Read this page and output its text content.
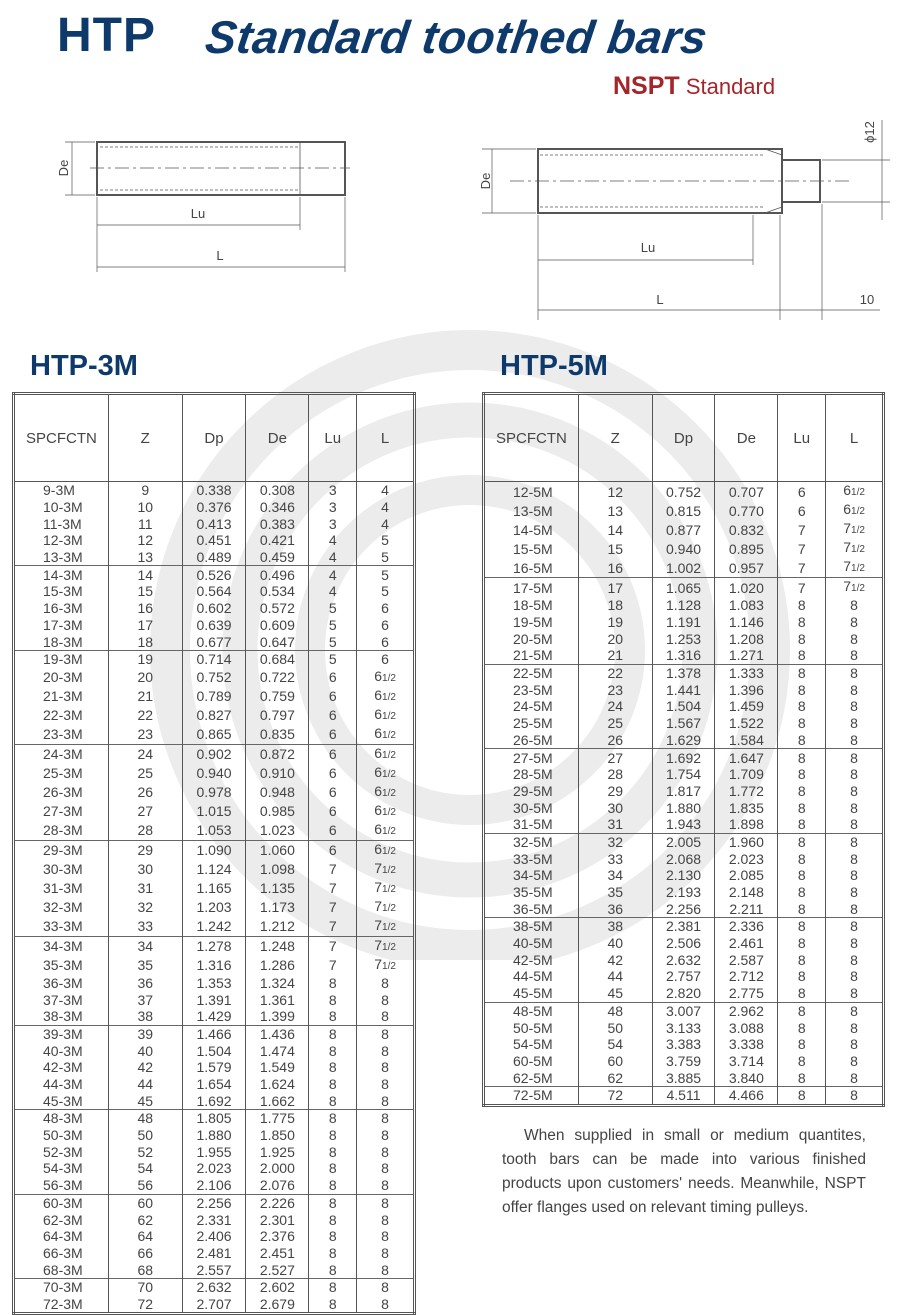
HTP Standard toothed bars
NSPT Standard
De
Lu
L
De
Lu
L
ϕ12
10
HTP-3M	HTP-5M
SPCFCTN	Z	Dp	De	Lu	L
9-3M	9	0.338	0.308	3	4
10-3M	10	0.376	0.346	3	4
11-3M	11	0.413	0.383	3	4
12-3M	12	0.451	0.421	4	5
13-3M	13	0.489	0.459	4	5
14-3M	14	0.526	0.496	4	5
15-3M	15	0.564	0.534	4	5
16-3M	16	0.602	0.572	5	6
17-3M	17	0.639	0.609	5	6
18-3M	18	0.677	0.647	5	6
19-3M	19	0.714	0.684	5	6
20-3M	20	0.752	0.722	6	61/2
21-3M	21	0.789	0.759	6	61/2
22-3M	22	0.827	0.797	6	61/2
23-3M	23	0.865	0.835	6	61/2
24-3M	24	0.902	0.872	6	61/2
25-3M	25	0.940	0.910	6	61/2
26-3M	26	0.978	0.948	6	61/2
27-3M	27	1.015	0.985	6	61/2
28-3M	28	1.053	1.023	6	61/2
29-3M	29	1.090	1.060	6	61/2
30-3M	30	1.124	1.098	7	71/2
31-3M	31	1.165	1.135	7	71/2
32-3M	32	1.203	1.173	7	71/2
33-3M	33	1.242	1.212	7	71/2
34-3M	34	1.278	1.248	7	71/2
35-3M	35	1.316	1.286	7	71/2
36-3M	36	1.353	1.324	8	8
37-3M	37	1.391	1.361	8	8
38-3M	38	1.429	1.399	8	8
39-3M	39	1.466	1.436	8	8
40-3M	40	1.504	1.474	8	8
42-3M	42	1.579	1.549	8	8
44-3M	44	1.654	1.624	8	8
45-3M	45	1.692	1.662	8	8
48-3M	48	1.805	1.775	8	8
50-3M	50	1.880	1.850	8	8
52-3M	52	1.955	1.925	8	8
54-3M	54	2.023	2.000	8	8
56-3M	56	2.106	2.076	8	8
60-3M	60	2.256	2.226	8	8
62-3M	62	2.331	2.301	8	8
64-3M	64	2.406	2.376	8	8
66-3M	66	2.481	2.451	8	8
68-3M	68	2.557	2.527	8	8
70-3M	70	2.632	2.602	8	8
72-3M	72	2.707	2.679	8	8
SPCFCTN	Z	Dp	De	Lu	L
12-5M	12	0.752	0.707	6	61/2
13-5M	13	0.815	0.770	6	61/2
14-5M	14	0.877	0.832	7	71/2
15-5M	15	0.940	0.895	7	71/2
16-5M	16	1.002	0.957	7	71/2
17-5M	17	1.065	1.020	7	71/2
18-5M	18	1.128	1.083	8	8
19-5M	19	1.191	1.146	8	8
20-5M	20	1.253	1.208	8	8
21-5M	21	1.316	1.271	8	8
22-5M	22	1.378	1.333	8	8
23-5M	23	1.441	1.396	8	8
24-5M	24	1.504	1.459	8	8
25-5M	25	1.567	1.522	8	8
26-5M	26	1.629	1.584	8	8
27-5M	27	1.692	1.647	8	8
28-5M	28	1.754	1.709	8	8
29-5M	29	1.817	1.772	8	8
30-5M	30	1.880	1.835	8	8
31-5M	31	1.943	1.898	8	8
32-5M	32	2.005	1.960	8	8
33-5M	33	2.068	2.023	8	8
34-5M	34	2.130	2.085	8	8
35-5M	35	2.193	2.148	8	8
36-5M	36	2.256	2.211	8	8
38-5M	38	2.381	2.336	8	8
40-5M	40	2.506	2.461	8	8
42-5M	42	2.632	2.587	8	8
44-5M	44	2.757	2.712	8	8
45-5M	45	2.820	2.775	8	8
48-5M	48	3.007	2.962	8	8
50-5M	50	3.133	3.088	8	8
54-5M	54	3.383	3.338	8	8
60-5M	60	3.759	3.714	8	8
62-5M	62	3.885	3.840	8	8
72-5M	72	4.511	4.466	8	8

When supplied in small or medium quantites, tooth bars can be made into various finished products upon customers' needs. Meanwhile, NSPT offer flanges used on relevant timing pulleys.
